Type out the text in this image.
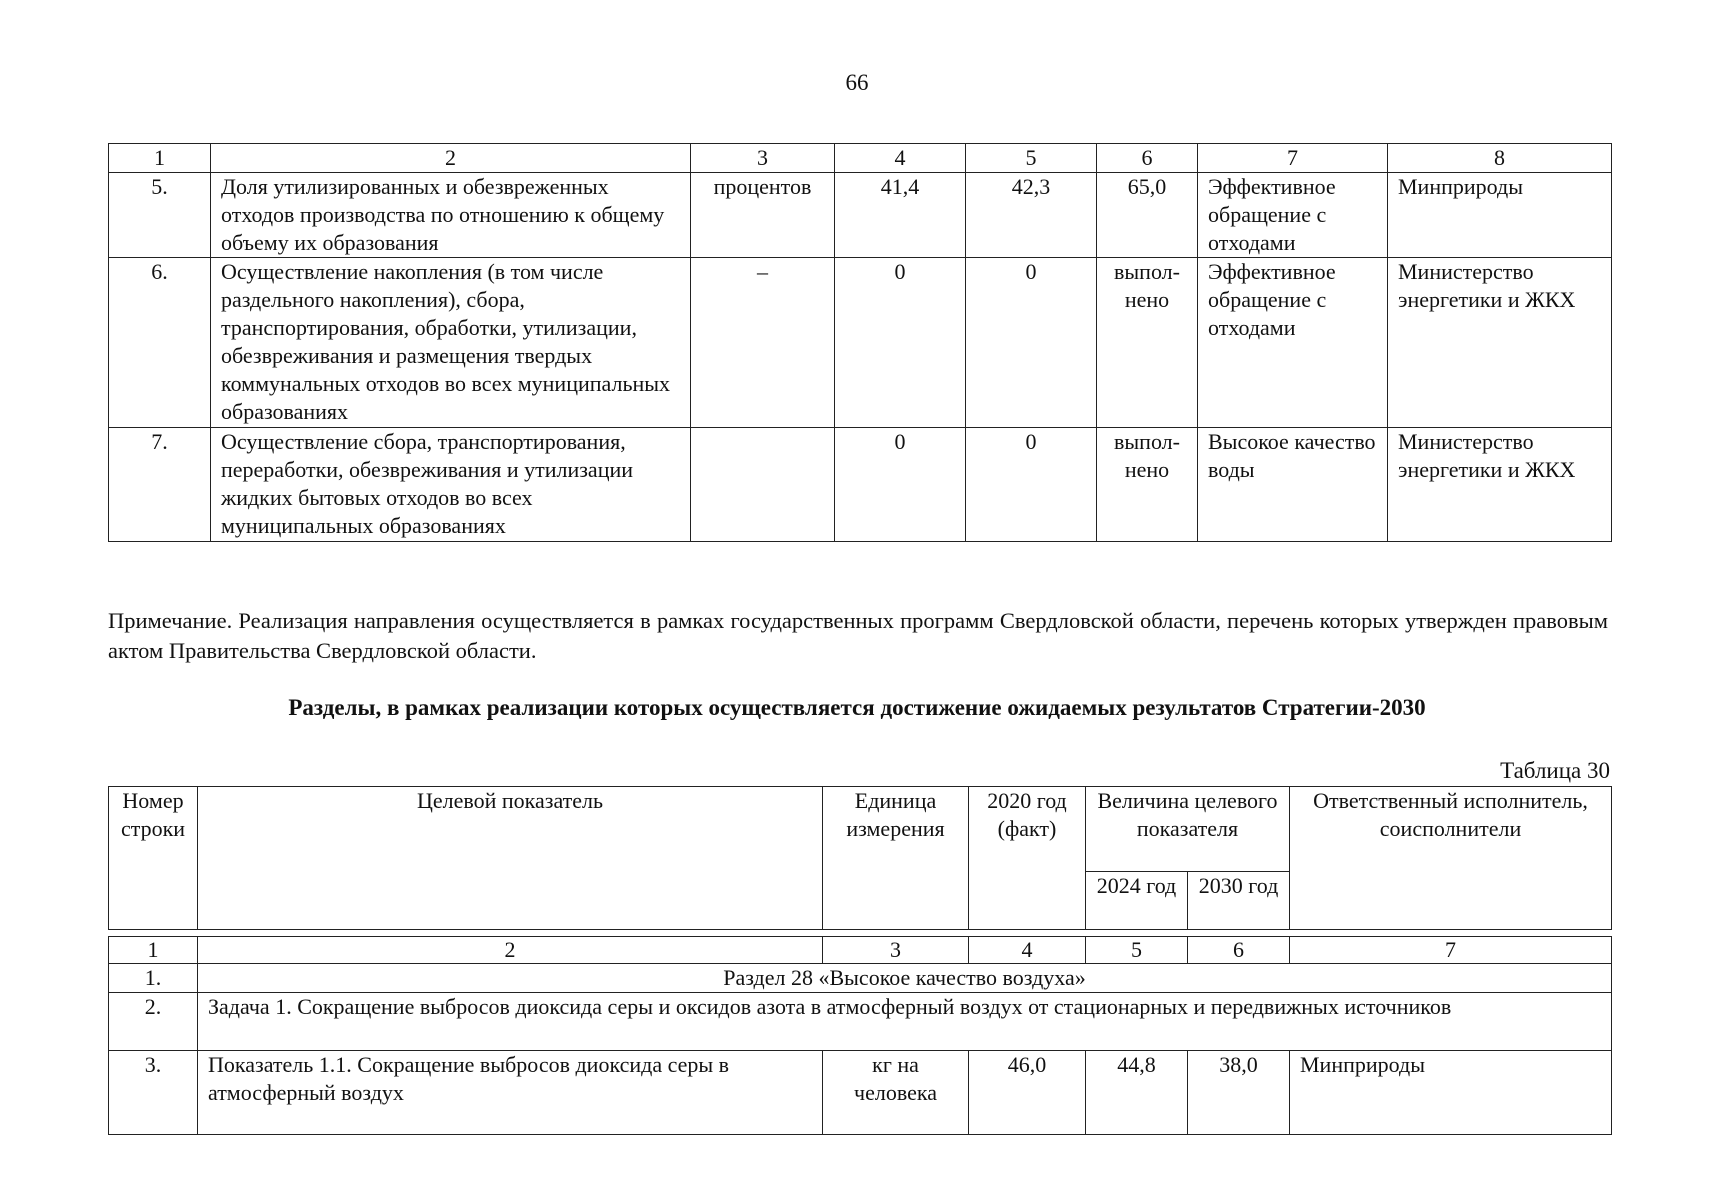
66
1	2	3	4	5	6	7	8
5.	Доля утилизированных и обезвреженных отходов производства по отношению к общему объему их образования	процентов	41,4	42,3	65,0	Эффективное обращение с отходами	Минприроды
6.	Осуществление накопления (в том числе раздельного накопления), сбора, транспортирования, обработки, утилизации, обезвреживания и размещения твердых коммунальных отходов во всех муниципальных образованиях	–	0	0	выпол-нено	Эффективное обращение с отходами	Министерство энергетики и ЖКХ
7.	Осуществление сбора, транспортирования, переработки, обезвреживания и утилизации жидких бытовых отходов во всех муниципальных образованиях		0	0	выпол-нено	Высокое качество воды	Министерство энергетики и ЖКХ
Примечание. Реализация направления осуществляется в рамках государственных программ Свердловской области, перечень которых утвержден правовым актом Правительства Свердловской области.
Разделы, в рамках реализации которых осуществляется достижение ожидаемых результатов Стратегии-2030
Таблица 30
Номер строки	Целевой показатель	Единица измерения	2020 год (факт)	Величина целевого показателя		Ответственный исполнитель, соисполнители
				2024 год	2030 год	
1	2	3	4	5	6	7
1.	Раздел 28 «Высокое качество воздуха»					
2.	Задача 1. Сокращение выбросов диоксида серы и оксидов азота в атмосферный воздух от стационарных и передвижных источников					
3.	Показатель 1.1. Сокращение выбросов диоксида серы в атмосферный воздух	кг на человека	46,0	44,8	38,0	Минприроды
